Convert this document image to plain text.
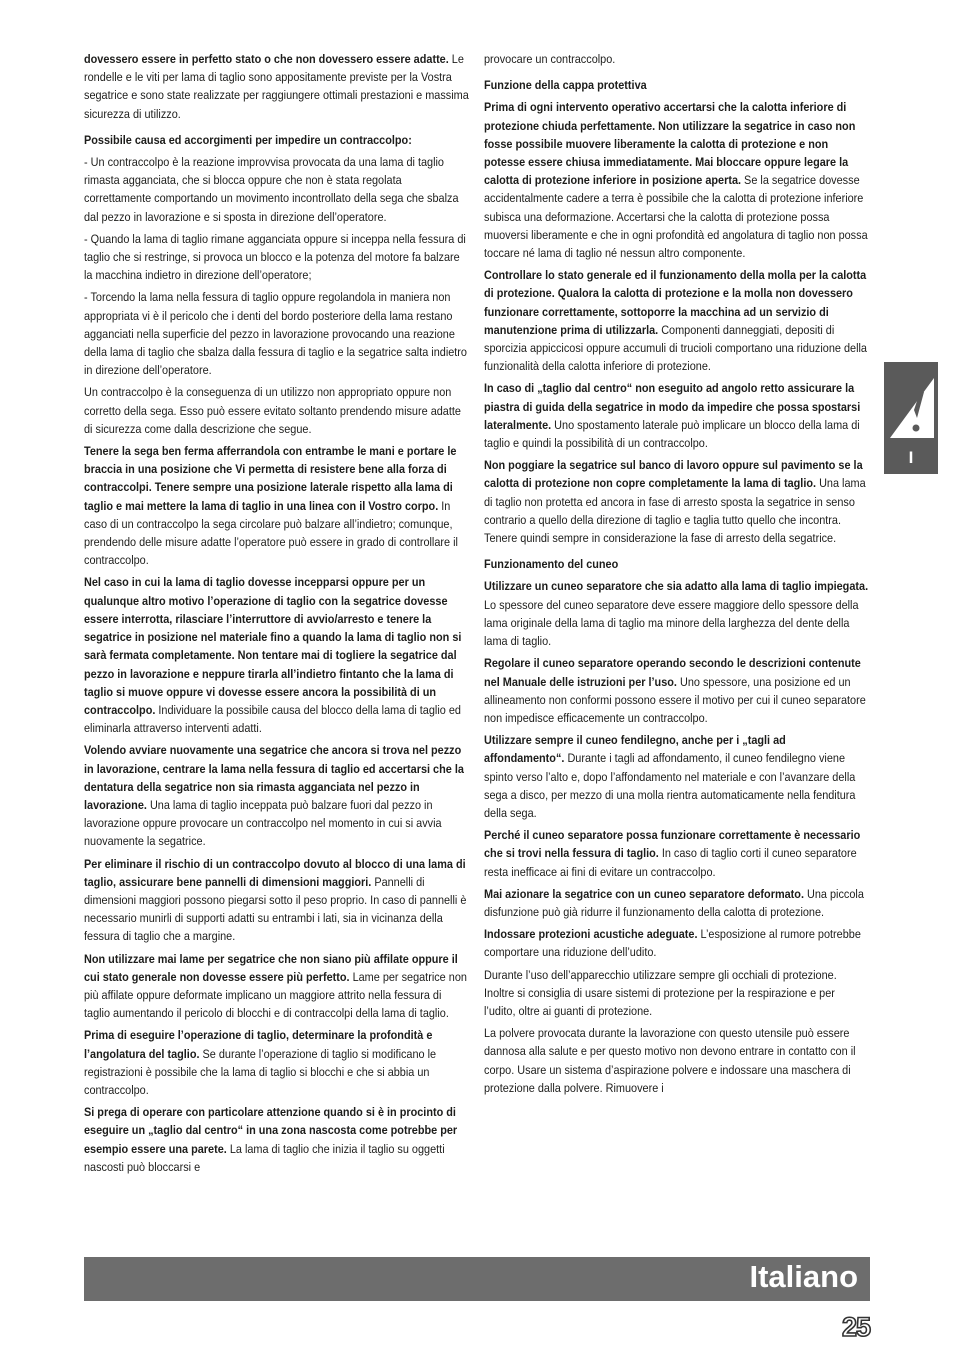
dovessero essere in perfetto stato o che non dovessero essere adatte. Le rondelle e le viti per lama di taglio sono appositamente previste per la Vostra segatrice e sono state realizzate per raggiungere ottimali prestazioni e massima sicurezza di utilizzo.

Possibile causa ed accorgimenti per impedire un contraccolpo:

- Un contraccolpo è la reazione improvvisa provocata da una lama di taglio rimasta agganciata, che si blocca oppure che non è stata regolata correttamente comportando un movimento incontrollato della sega che sbalza dal pezzo in lavorazione e si sposta in direzione dell’operatore.

- Quando la lama di taglio rimane agganciata oppure si inceppa nella fessura di taglio che si restringe, si provoca un blocco e la potenza del motore fa balzare la macchina indietro in direzione dell’operatore;

- Torcendo la lama nella fessura di taglio oppure regolandola in maniera non appropriata vi è il pericolo che i denti del bordo posteriore della lama restano agganciati nella superficie del pezzo in lavorazione provocando una reazione della lama di taglio che sbalza dalla fessura di taglio e la segatrice salta indietro in direzione dell’operatore.

Un contraccolpo è la conseguenza di un utilizzo non appropriato oppure non corretto della sega. Esso può essere evitato soltanto prendendo misure adatte di sicurezza come dalla descrizione che segue.

Tenere la sega ben ferma afferrandola con entrambe le mani e portare le braccia in una posizione che Vi permetta di resistere bene alla forza di contraccolpi. Tenere sempre una posizione laterale rispetto alla lama di taglio e mai mettere la lama di taglio in una linea con il Vostro corpo. In caso di un contraccolpo la sega circolare può balzare all’indietro; comunque, prendendo delle misure adatte l’operatore può essere in grado di controllare il contraccolpo.

Nel caso in cui la lama di taglio dovesse incepparsi oppure per un qualunque altro motivo l’operazione di taglio con la segatrice dovesse essere interrotta, rilasciare l’interruttore di avvio/arresto e tenere la segatrice in posizione nel materiale fino a quando la lama di taglio non si sarà fermata completamente. Non tentare mai di togliere la segatrice dal pezzo in lavorazione e neppure tirarla all’indietro fintanto che la lama di taglio si muove oppure vi dovesse essere ancora la possibilità di un contraccolpo. Individuare la possibile causa del blocco della lama di taglio ed eliminarla attraverso interventi adatti.

Volendo avviare nuovamente una segatrice che ancora si trova nel pezzo in lavorazione, centrare la lama nella fessura di taglio ed accertarsi che la dentatura della segatrice non sia rimasta agganciata nel pezzo in lavorazione. Una lama di taglio inceppata può balzare fuori dal pezzo in lavorazione oppure provocare un contraccolpo nel momento in cui si avvia nuovamente la segatrice.

Per eliminare il rischio di un contraccolpo dovuto al blocco di una lama di taglio, assicurare bene pannelli di dimensioni maggiori. Pannelli di dimensioni maggiori possono piegarsi sotto il peso proprio. In caso di pannelli è necessario munirli di supporti adatti su entrambi i lati, sia in vicinanza della fessura di taglio che a margine.

Non utilizzare mai lame per segatrice che non siano più affilate oppure il cui stato generale non dovesse essere più perfetto. Lame per segatrice non più affilate oppure deformate implicano un maggiore attrito nella fessura di taglio aumentando il pericolo di blocchi e di contraccolpi della lama di taglio.

Prima di eseguire l’operazione di taglio, determinare la profondità e l’angolatura del taglio. Se durante l’operazione di taglio si modificano le registrazioni è possibile che la lama di taglio si blocchi e che si abbia un contraccolpo.

Si prega di operare con particolare attenzione quando si è in procinto di eseguire un „taglio dal centro“ in una zona nascosta come potrebbe per esempio essere una parete. La lama di taglio che inizia il taglio su oggetti nascosti può bloccarsi e

provocare un contraccolpo.

Funzione della cappa protettiva

Prima di ogni intervento operativo accertarsi che la calotta inferiore di protezione chiuda perfettamente. Non utilizzare la segatrice in caso non fosse possibile muovere liberamente la calotta di protezione e non potesse essere chiusa immediatamente. Mai bloccare oppure legare la calotta di protezione inferiore in posizione aperta. Se la segatrice dovesse accidentalmente cadere a terra è possibile che la calotta di protezione inferiore subisca una deformazione. Accertarsi che la calotta di protezione possa muoversi liberamente e che in ogni profondità ed angolatura di taglio non possa toccare né lama di taglio né nessun altro componente.

Controllare lo stato generale ed il funzionamento della molla per la calotta di protezione. Qualora la calotta di protezione e la molla non dovessero funzionare correttamente, sottoporre la macchina ad un servizio di manutenzione prima di utilizzarla. Componenti danneggiati, depositi di sporcizia appiccicosi oppure accumuli di trucioli comportano una riduzione della funzionalità della calotta inferiore di protezione.

In caso di „taglio dal centro“ non eseguito ad angolo retto assicurare la piastra di guida della segatrice in modo da impedire che possa spostarsi lateralmente. Uno spostamento laterale può implicare un blocco della lama di taglio e quindi la possibilità di un contraccolpo.

Non poggiare la segatrice sul banco di lavoro oppure sul pavimento se la calotta di protezione non copre completamente la lama di taglio. Una lama di taglio non protetta ed ancora in fase di arresto sposta la segatrice in senso contrario a quello della direzione di taglio e taglia tutto quello che incontra. Tenere quindi sempre in considerazione la fase di arresto della segatrice.

Funzionamento del cuneo

Utilizzare un cuneo separatore che sia adatto alla lama di taglio impiegata. Lo spessore del cuneo separatore deve essere maggiore dello spessore della lama originale della lama di taglio ma minore della larghezza del dente della lama di taglio.

Regolare il cuneo separatore operando secondo le descrizioni contenute nel Manuale delle istruzioni per l’uso. Uno spessore, una posizione ed un allineamento non conformi possono essere il motivo per cui il cuneo separatore non impedisce efficacemente un contraccolpo.

Utilizzare sempre il cuneo fendilegno, anche per i „tagli ad affondamento“. Durante i tagli ad affondamento, il cuneo fendilegno viene spinto verso l’alto e, dopo l’affondamento nel materiale e con l’avanzare della sega a disco, per mezzo di una molla rientra automaticamente nella fenditura della sega.

Perché il cuneo separatore possa funzionare correttamente è necessario che si trovi nella fessura di taglio. In caso di taglio corti il cuneo separatore resta inefficace ai fini di evitare un contraccolpo.

Mai azionare la segatrice con un cuneo separatore deformato. Una piccola disfunzione può già ridurre il funzionamento della calotta di protezione.

Indossare protezioni acustiche adeguate. L’esposizione al rumore potrebbe comportare una riduzione dell’udito.

Durante l’uso dell’apparecchio utilizzare sempre gli occhiali di protezione. Inoltre si consiglia di usare sistemi di protezione per la respirazione e per l’udito, oltre ai guanti di protezione.

La polvere provocata durante la lavorazione con questo utensile può essere dannosa alla salute e per questo motivo non devono entrare in contatto con il corpo. Usare un sistema d’aspirazione polvere e indossare una maschera di protezione dalla polvere. Rimuovere i

I
Italiano
25
